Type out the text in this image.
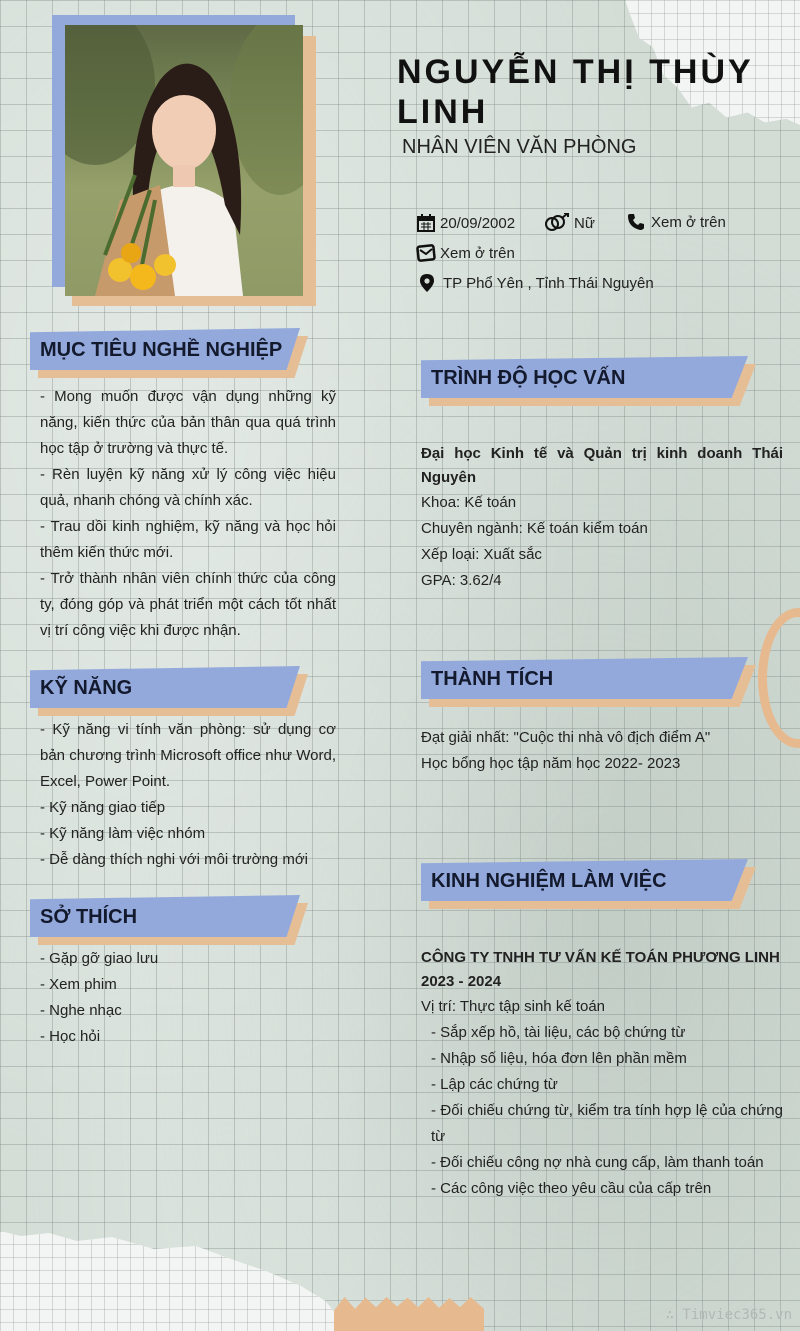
NGUYỄN THỊ THÙY LINH
NHÂN VIÊN VĂN PHÒNG
20/09/2002	Nữ	Xem ở trên
Xem ở trên
TP Phổ Yên , Tỉnh Thái Nguyên
MỤC TIÊU NGHỀ NGHIỆP

- Mong muốn được vận dụng những kỹ năng, kiến thức của bản thân qua quá trình học tập ở trường và thực tế.

- Rèn luyện kỹ năng xử lý công việc hiệu quả, nhanh chóng và chính xác.

- Trau dồi kinh nghiệm, kỹ năng và học hỏi thêm kiến thức mới.

- Trở thành nhân viên chính thức của công ty, đóng góp và phát triển một cách tốt nhất vị trí công việc khi được nhận.

KỸ NĂNG

- Kỹ năng vi tính văn phòng: sử dụng cơ bản chương trình Microsoft office như Word, Excel, Power Point.

- Kỹ năng giao tiếp

- Kỹ năng làm việc nhóm

- Dễ dàng thích nghi với môi trường mới

SỞ THÍCH

- Gặp gỡ giao lưu

- Xem phim

- Nghe nhạc

- Học hỏi

TRÌNH ĐỘ HỌC VẤN

Đại học Kinh tế và Quản trị kinh doanh Thái Nguyên

Khoa: Kế toán

Chuyên ngành: Kế toán kiểm toán

Xếp loại: Xuất sắc

GPA: 3.62/4

THÀNH TÍCH

Đạt giải nhất: "Cuộc thi nhà vô địch điểm A"

Học bổng học tập năm học 2022- 2023

KINH NGHIỆM LÀM VIỆC

CÔNG TY TNHH TƯ VẤN KẾ TOÁN PHƯƠNG LINH

2023 - 2024

Vị trí: Thực tập sinh kế toán

- Sắp xếp hồ, tài liệu, các bộ chứng từ

- Nhập số liệu, hóa đơn lên phần mềm

- Lập các chứng từ

- Đối chiếu chứng từ, kiểm tra tính hợp lệ của chứng từ

- Đối chiếu công nợ nhà cung cấp, làm thanh toán

- Các công việc theo yêu cầu của cấp trên

∴ Timviec365.vn
